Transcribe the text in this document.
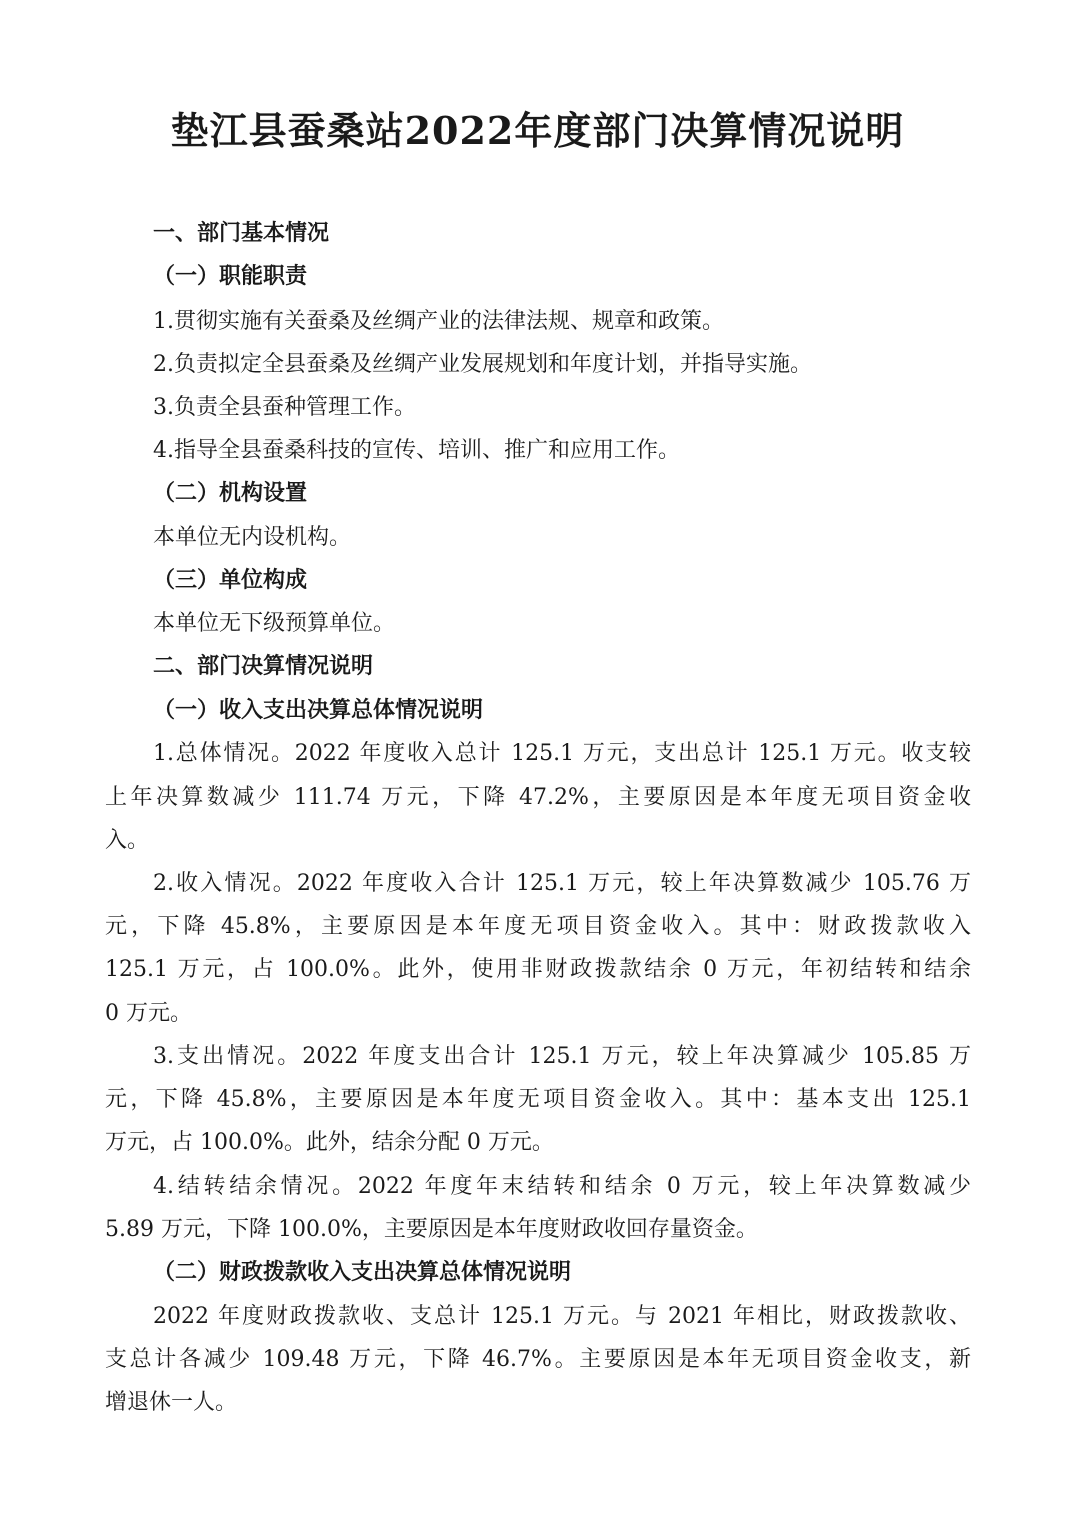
垫江县蚕桑站2022年度部门决算情况说明
一、部门基本情况
（一）职能职责
1.贯彻实施有关蚕桑及丝绸产业的法律法规、规章和政策。
2.负责拟定全县蚕桑及丝绸产业发展规划和年度计划，并指导实施。
3.负责全县蚕种管理工作。
4.指导全县蚕桑科技的宣传、培训、推广和应用工作。
（二）机构设置
本单位无内设机构。
（三）单位构成
本单位无下级预算单位。
二、部门决算情况说明
（一）收入支出决算总体情况说明
1.总体情况。2022 年度收入总计 125.1 万元，支出总计 125.1 万元。收支较
上年决算数减少 111.74 万元，下降 47.2%，主要原因是本年度无项目资金收
入。
2.收入情况。2022 年度收入合计 125.1 万元，较上年决算数减少 105.76 万
元，下降 45.8%，主要原因是本年度无项目资金收入。其中：财政拨款收入
125.1 万元，占 100.0%。此外，使用非财政拨款结余 0 万元，年初结转和结余
0 万元。
3.支出情况。2022 年度支出合计 125.1 万元，较上年决算减少 105.85 万
元，下降 45.8%，主要原因是本年度无项目资金收入。其中：基本支出 125.1
万元，占 100.0%。此外，结余分配 0 万元。
4.结转结余情况。2022 年度年末结转和结余 0 万元，较上年决算数减少
5.89 万元，下降 100.0%，主要原因是本年度财政收回存量资金。
（二）财政拨款收入支出决算总体情况说明
2022 年度财政拨款收、支总计 125.1 万元。与 2021 年相比，财政拨款收、
支总计各减少 109.48 万元，下降 46.7%。主要原因是本年无项目资金收支，新
增退休一人。
